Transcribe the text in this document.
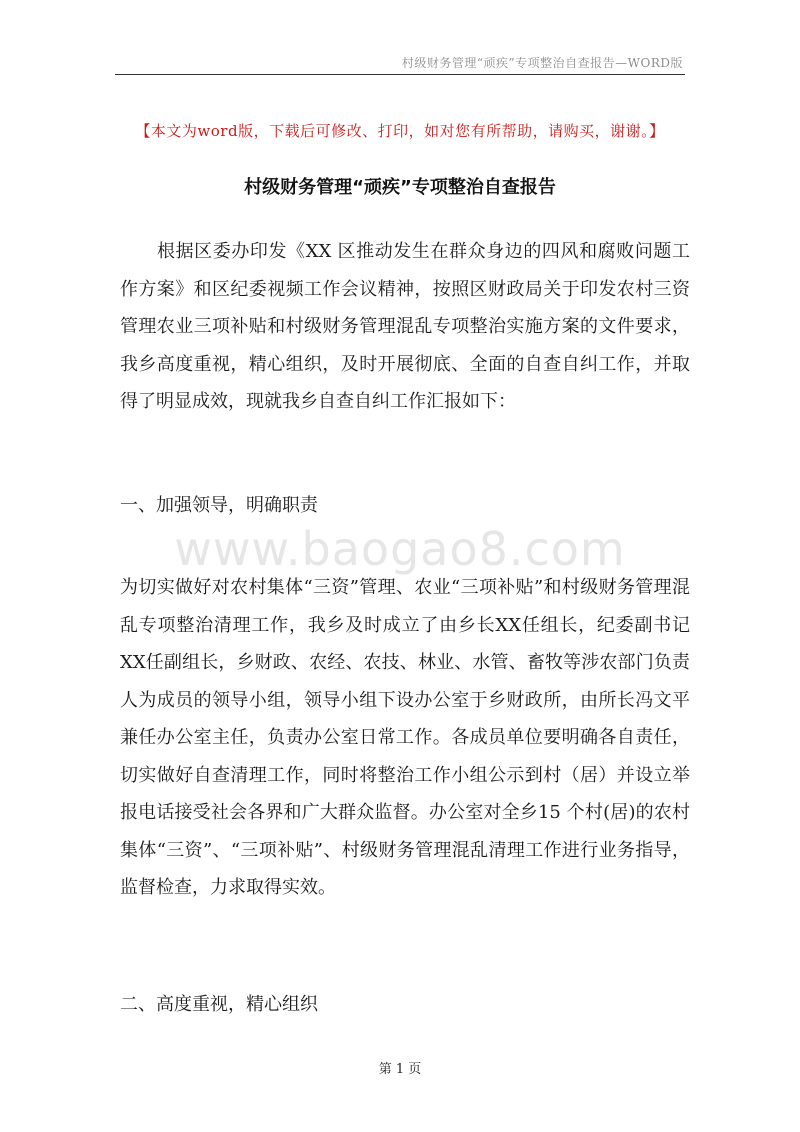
村级财务管理“顽疾”专项整治自查报告—WORD版
【本文为word版，下载后可修改、打印，如对您有所帮助，请购买，谢谢。】
村级财务管理“顽疾”专项整治自查报告

根据区委办印发《XX 区推动发生在群众身边的四风和腐败问题工作方案》和区纪委视频工作会议精神，按照区财政局关于印发农村三资管理农业三项补贴和村级财务管理混乱专项整治实施方案的文件要求，我乡高度重视，精心组织，及时开展彻底、全面的自查自纠工作，并取得了明显成效，现就我乡自查自纠工作汇报如下：

一、加强领导，明确职责

www.baogao8.com

为切实做好对农村集体“三资”管理、农业“三项补贴”和村级财务管理混乱专项整治清理工作，我乡及时成立了由乡长XX任组长，纪委副书记XX任副组长，乡财政、农经、农技、林业、水管、畜牧等涉农部门负责人为成员的领导小组，领导小组下设办公室于乡财政所，由所长冯文平兼任办公室主任，负责办公室日常工作。各成员单位要明确各自责任，切实做好自查清理工作，同时将整治工作小组公示到村（居）并设立举报电话接受社会各界和广大群众监督。办公室对全乡15 个村(居)的农村集体“三资”、“三项补贴”、村级财务管理混乱清理工作进行业务指导，监督检查，力求取得实效。

二、高度重视，精心组织

第 1 页
